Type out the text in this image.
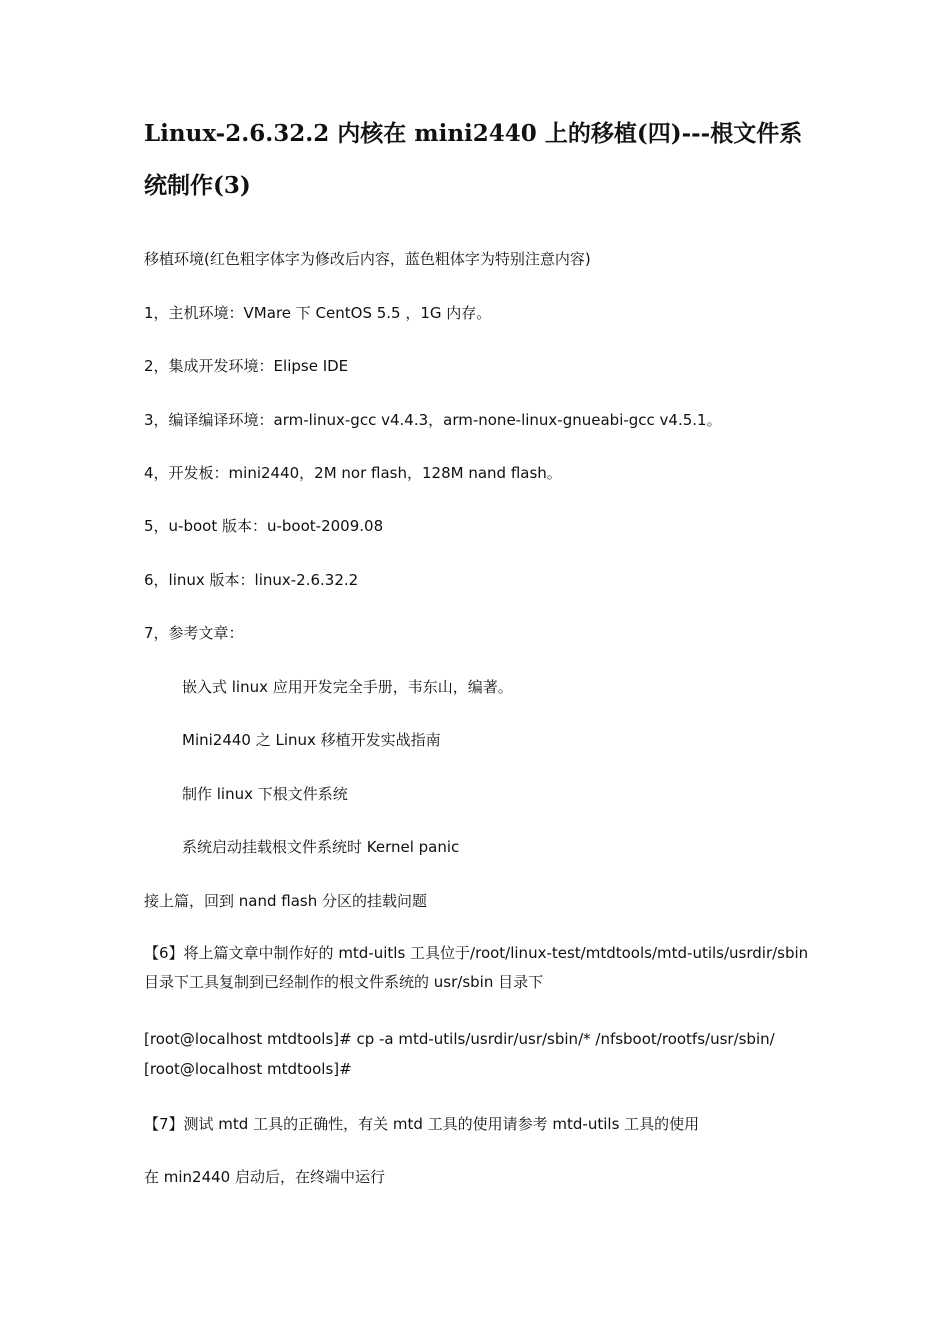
Linux-2.6.32.2 内核在 mini2440 上的移植(四)---根文件系统制作(3)

移植环境(红色粗字体字为修改后内容，蓝色粗体字为特别注意内容)

1，主机环境：VMare 下 CentOS 5.5 ，1G 内存。

2，集成开发环境：Elipse IDE

3，编译编译环境：arm-linux-gcc v4.4.3，arm-none-linux-gnueabi-gcc v4.5.1。

4，开发板：mini2440，2M nor flash，128M nand flash。

5，u-boot 版本：u-boot-2009.08

6，linux 版本：linux-2.6.32.2

7，参考文章：

嵌入式 linux 应用开发完全手册，韦东山，编著。

Mini2440 之 Linux 移植开发实战指南

制作 linux 下根文件系统

系统启动挂载根文件系统时 Kernel panic

接上篇，回到 nand flash 分区的挂载问题

【6】将上篇文章中制作好的 mtd-uitls 工具位于/root/linux-test/mtdtools/mtd-utils/usrdir/sbin 目录下工具复制到已经制作的根文件系统的 usr/sbin 目录下

[root@localhost mtdtools]# cp -a mtd-utils/usrdir/usr/sbin/* /nfsboot/rootfs/usr/sbin/

[root@localhost mtdtools]#

【7】测试 mtd 工具的正确性，有关 mtd 工具的使用请参考 mtd-utils 工具的使用

在 min2440 启动后，在终端中运行
